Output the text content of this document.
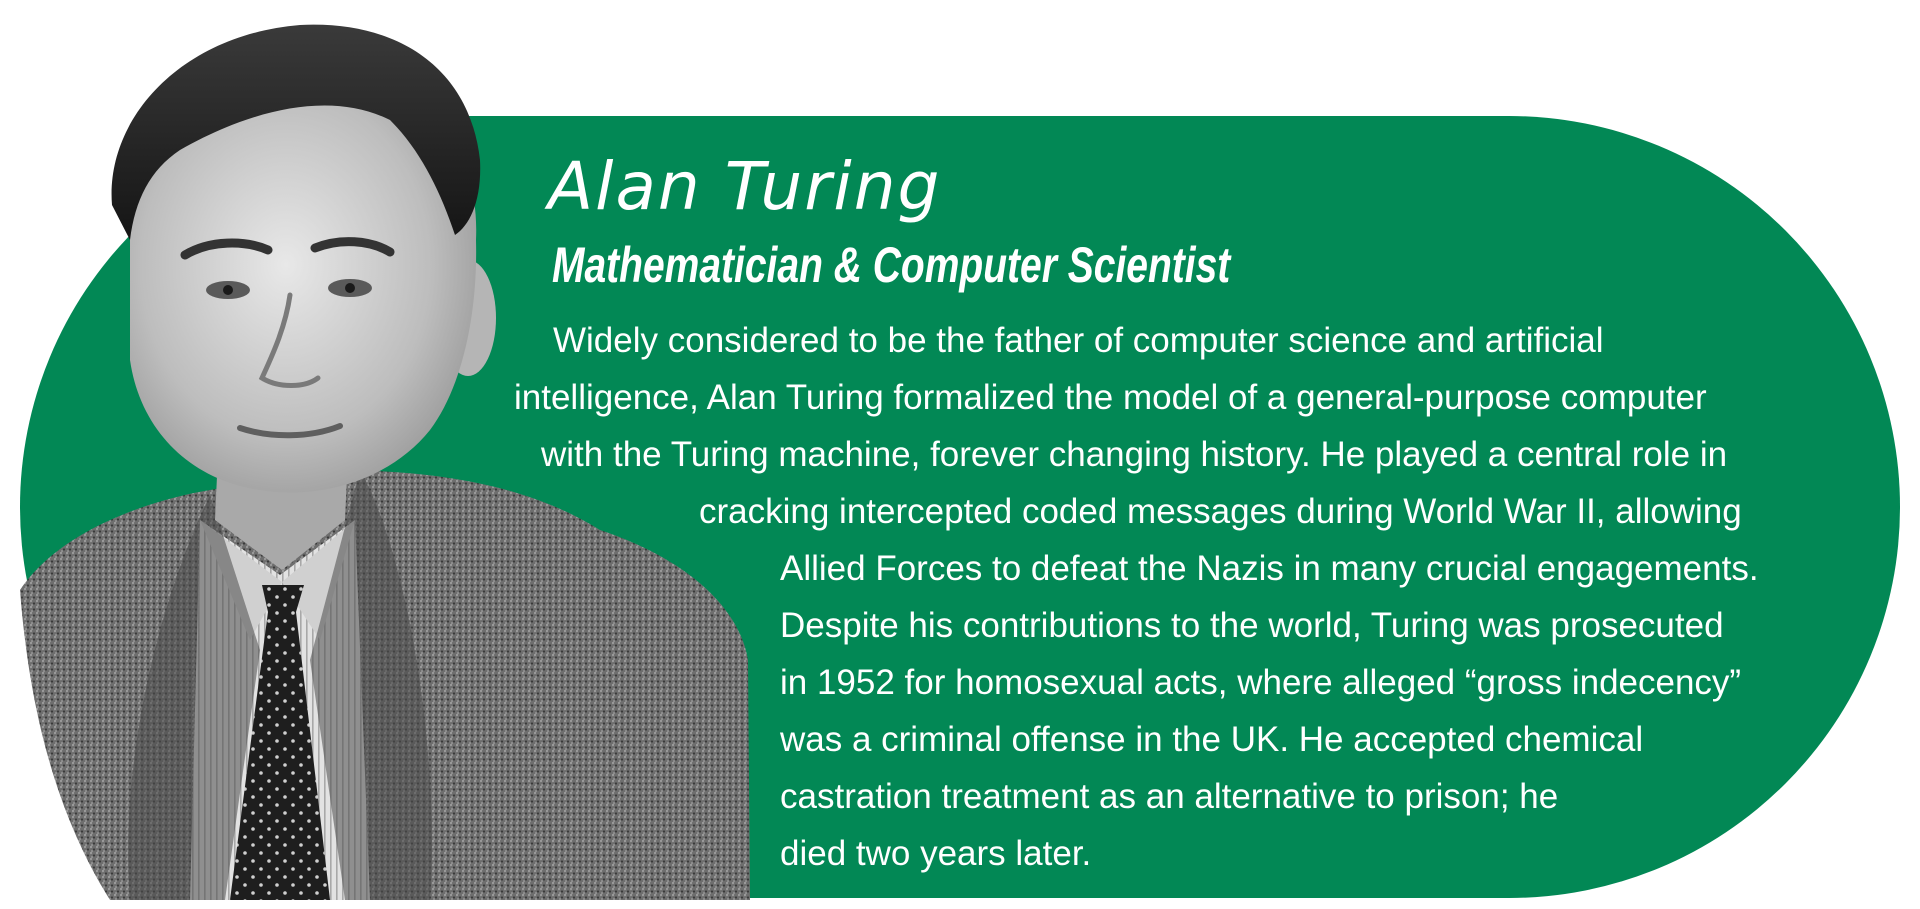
Alan Turing
Mathematician & Computer Scientist

Widely considered to be the father of computer science and artificial

intelligence, Alan Turing formalized the model of a general-purpose computer

with the Turing machine, forever changing history. He played a central role in

cracking intercepted coded messages during World War II, allowing

Allied Forces to defeat the Nazis in many crucial engagements.

Despite his contributions to the world, Turing was prosecuted

in 1952 for homosexual acts, where alleged “gross indecency”

was a criminal offense in the UK. He accepted chemical

castration treatment as an alternative to prison; he

died two years later.
